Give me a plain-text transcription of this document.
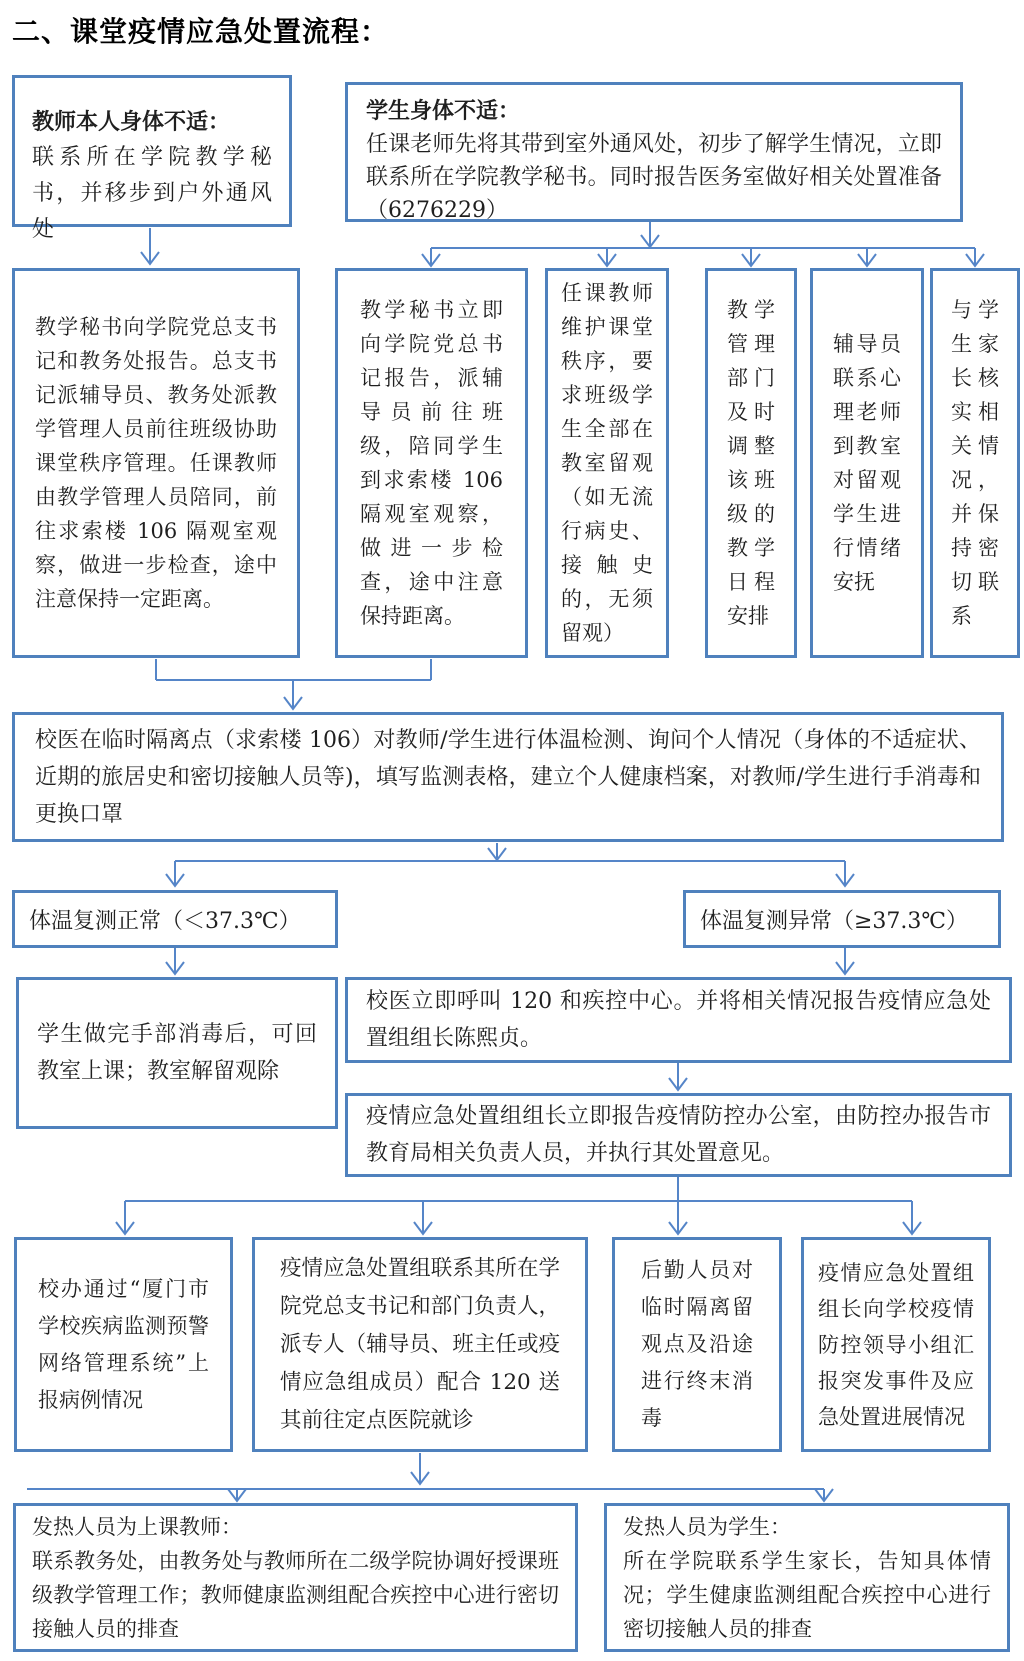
二、课堂疫情应急处置流程：
教师本人身体不适：
联系所在学院教学秘书，并移步到户外通风处
学生身体不适：
任课老师先将其带到室外通风处，初步了解学生情况，立即联系所在学院教学秘书。同时报告医务室做好相关处置准备（6276229）
教学秘书向学院党总支书记和教务处报告。总支书记派辅导员、教务处派教学管理人员前往班级协助课堂秩序管理。任课教师由教学管理人员陪同，前往求索楼 106 隔观室观察，做进一步检查，途中注意保持一定距离。
教学秘书立即向学院党总书记报告，派辅导员前往班级，陪同学生到求索楼 106 隔观室观察，做进一步检查，途中注意保持距离。
任课教师维护课堂秩序，要求班级学生全部在教室留观（如无流行病史、接触史的，无须留观）
教学管理部门及时调整该班级的教学日程安排
辅导员联系心理老师到教室对留观学生进行情绪安抚
与学生家长核实相关情况，并保持密切联系
校医在临时隔离点（求索楼 106）对教师/学生进行体温检测、询问个人情况（身体的不适症状、近期的旅居史和密切接触人员等)，填写监测表格，建立个人健康档案，对教师/学生进行手消毒和更换口罩
体温复测正常（＜37.3℃）	体温复测异常（≥37.3℃）
学生做完手部消毒后，可回教室上课；教室解留观除
校医立即呼叫 120 和疾控中心。并将相关情况报告疫情应急处置组组长陈熙贞。
疫情应急处置组组长立即报告疫情防控办公室，由防控办报告市教育局相关负责人员，并执行其处置意见。
校办通过“厦门市学校疾病监测预警网络管理系统”上报病例情况
疫情应急处置组联系其所在学院党总支书记和部门负责人，派专人（辅导员、班主任或疫情应急组成员）配合 120 送其前往定点医院就诊
后勤人员对临时隔离留观点及沿途进行终末消毒
疫情应急处置组组长向学校疫情防控领导小组汇报突发事件及应急处置进展情况
发热人员为上课教师：
联系教务处，由教务处与教师所在二级学院协调好授课班级教学管理工作；教师健康监测组配合疾控中心进行密切接触人员的排查
发热人员为学生：
所在学院联系学生家长，告知具体情况；学生健康监测组配合疾控中心进行密切接触人员的排查
